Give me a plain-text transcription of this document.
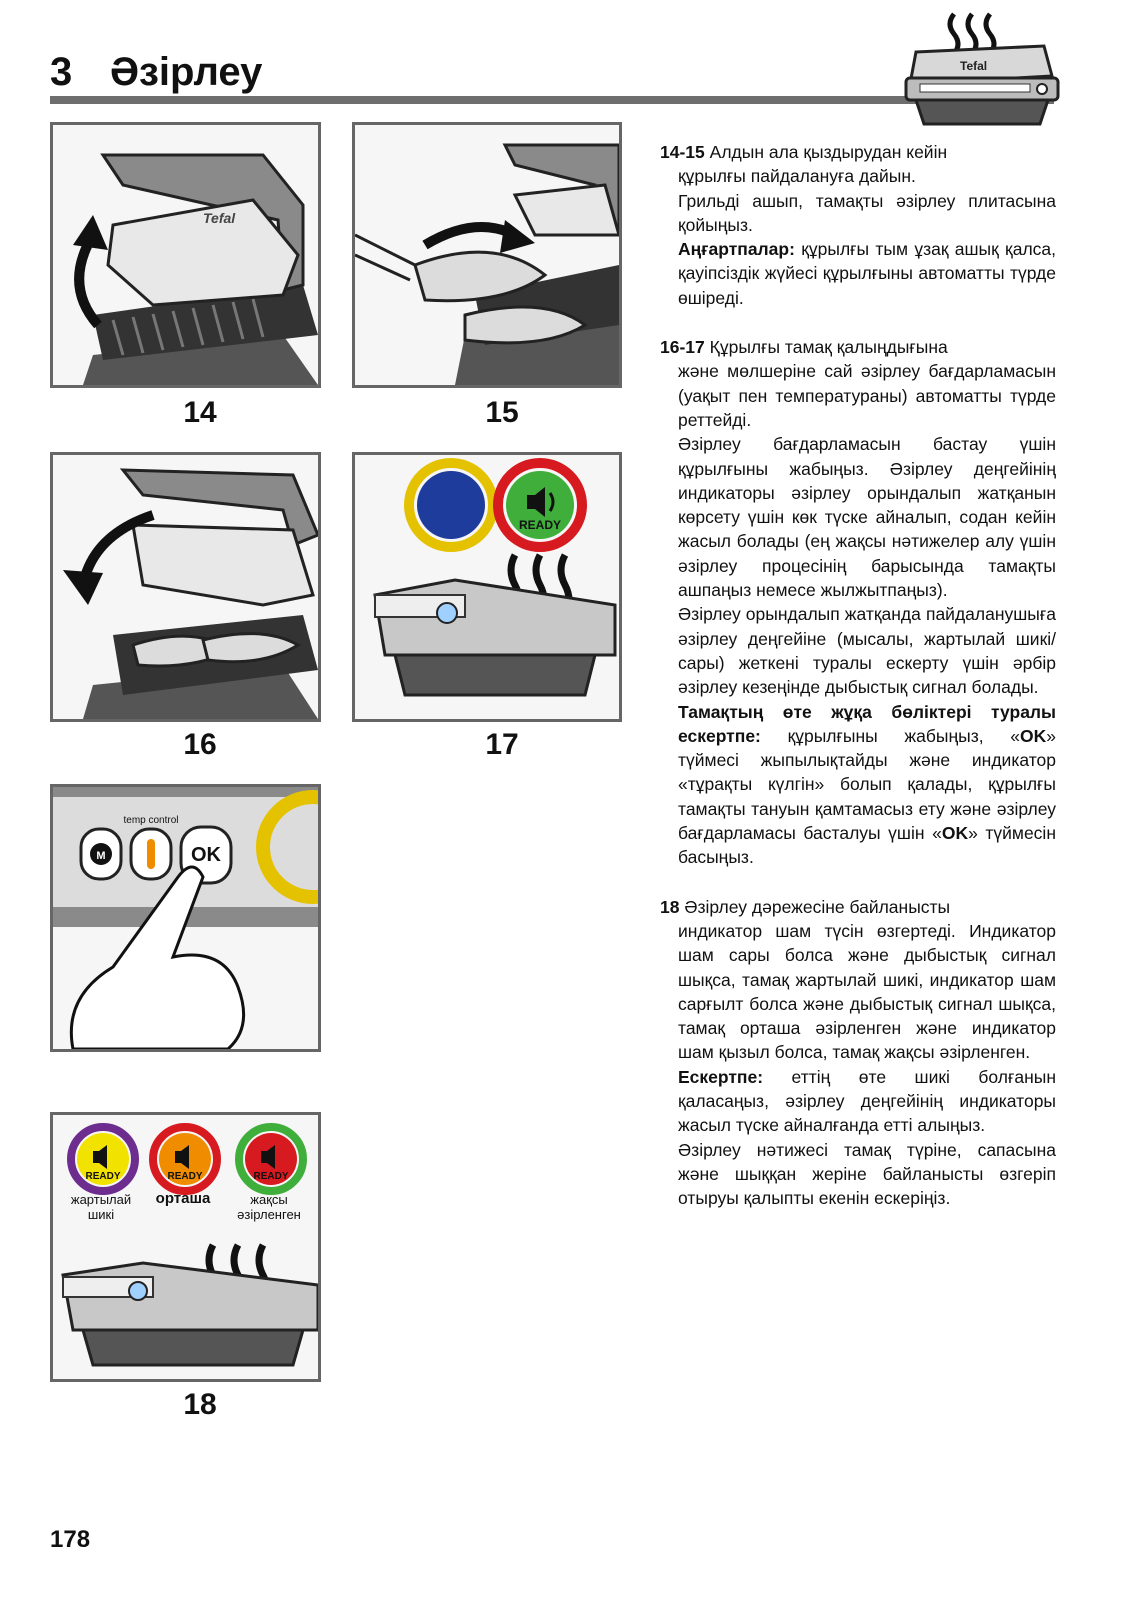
3 Әзірлеу	Tefal
Tefal
14	15
16
READY
17
M
temp control
OK
READY	READY	READY
жартылай
шикі
орташа	жақсы
әзірленген
18
14-15 Алдын ала қыздырудан кейін
құрылғы пайдалануға дайын.
Грильді ашып, тамақты әзірлеу плитасына қойыңыз.
Аңғартпалар: құрылғы тым ұзақ ашық қалса, қауіпсіздік жүйесі құрылғыны автоматты түрде өшіреді.
16-17 Құрылғы тамақ қалыңдығына
және мөлшеріне сай әзірлеу бағдарламасын (уақыт пен температураны) автоматты түрде реттейді.
Әзірлеу бағдарламасын бастау үшін құрылғыны жабыңыз. Әзірлеу деңгейінің индикаторы әзірлеу орындалып жатқанын көрсету үшін көк түске айналып, содан кейін жасыл болады (ең жақсы нәтижелер алу үшін әзірлеу процесінің барысында тамақты ашпаңыз немесе жылжытпаңыз).
Әзірлеу орындалып жатқанда пайдаланушыға әзірлеу деңгейіне (мысалы, жартылай шикі/сары) жеткені туралы ескерту үшін әрбір әзірлеу кезеңінде дыбыстық сигнал болады.
Тамақтың өте жұқа бөліктері туралы ескертпе: құрылғыны жабыңыз, «OK» түймесі жыпылықтайды және индикатор «тұрақты күлгін» болып қалады, құрылғы тамақты тануын қамтамасыз ету және әзірлеу бағдарламасы басталуы үшін «OK» түймесін басыңыз.
18 Әзірлеу дәрежесіне байланысты
индикатор шам түсін өзгертеді. Индикатор шам сары болса және дыбыстық сигнал шықса, тамақ жартылай шикі, индикатор шам сарғылт болса және дыбыстық сигнал шықса, тамақ орташа әзірленген және индикатор шам қызыл болса, тамақ жақсы әзірленген.
Ескертпе: еттің өте шикі болғанын қаласаңыз, әзірлеу деңгейінің индикаторы жасыл түске айналғанда етті алыңыз.
Әзірлеу нәтижесі тамақ түріне, сапасына және шыққан жеріне байланысты өзгеріп отыруы қалыпты екенін ескеріңіз.
178
